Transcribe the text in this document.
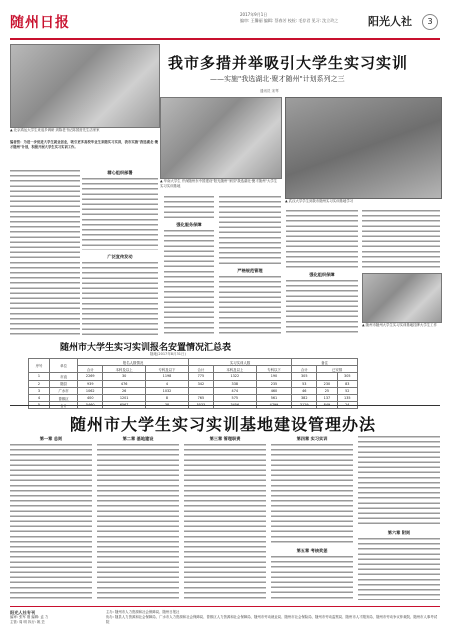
随州日报
2017年9月1日
编审: 王馨丽 编辑: 蔡春芳 校检: 毛存君 见习: 沈立玲之	阳光人社	3
▲ 北京鸿运大学生来返乡调研 到陈老书记陈国营先生店家家
我市多措并举吸引大学生实习实训
——实施"我选湖北·聚才随州"计划系列之三
通讯员 宋琴
▲ 武汉大学学生到我市随州实习实训基地学习
▲ 华南大学生 并深随州东中国建设"阳光随州"家园"我选湖北·聚才随州"大学生实习实训基地
编者按：为进一步促进大学生就业创业，吸引更多高校毕业生来随实习实训，我市实施"我选湖北·聚才随州"计划，积极开展大学生实习实训工作。
精心组织部署
广泛宣传发动
强化服务保障
严格规范管理
强化组织保障
▲ 随州市随州大学生实习实训基地挂牌大学生工作
随州市大学生实习实训报名安置情况汇总表
随地(2017年8月31日)
序号	单位	报名人数情况			实习实训人数			备注		
		合计	本科及以上	专科及以下	合计	本科及以上	专科以下	合计	已安排	
1	市直	2269	30	1198	775	1322	190	305		305
2	随县	939	476	4	342	338	235	53	230	83
3	广水市	1062	26	1032		474	460	46	25	52
4	曾都区	400	1201	8	765	575	561	382	137	135

随州市大学生实习实训基地建设管理办法
第一章 总则	第二章 基地建设	第三章 管理职责	第四章 实习实训
第五章 考核奖惩
第六章 附则
阳光人社专刊
编审: 张军 刚 编辑: 孟 力
主管: 周 明 执行: 姚 芸
主办: 随州市人力资源和社会保障局、随州日报社
协办: 随县人力资源和社会保障局、广水市人力资源和社会保障局、曾都区人力资源和社会保障局、随州市劳动就业局、随州市社会保险局、随州市劳动监察局、随州市人才服务局、随州市劳动争议仲裁院、随州市人事考试院
